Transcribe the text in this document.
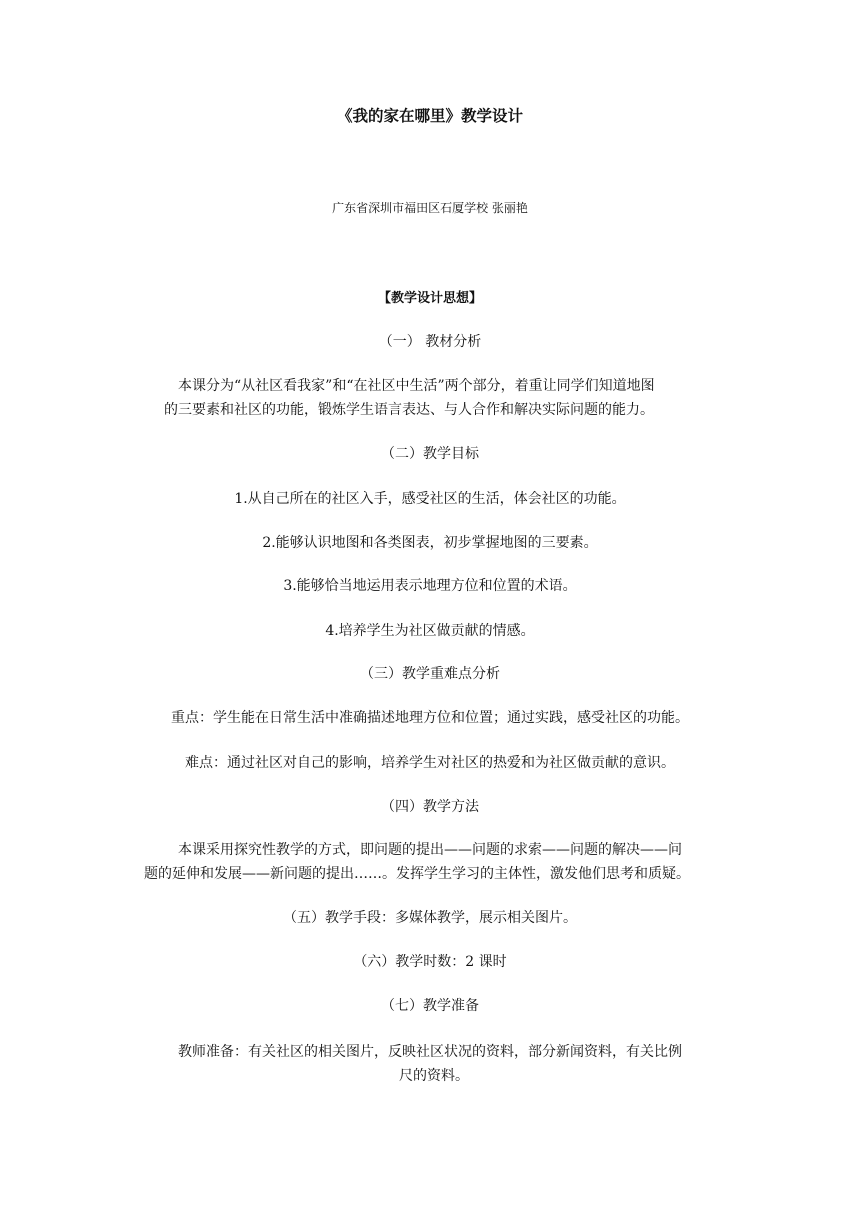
《我的家在哪里》教学设计
广东省深圳市福田区石厦学校 张丽艳
【教学设计思想】
（一） 教材分析
本课分为“从社区看我家”和“在社区中生活”两个部分，着重让同学们知道地图
的三要素和社区的功能，锻炼学生语言表达、与人合作和解决实际问题的能力。
（二）教学目标
1.从自己所在的社区入手，感受社区的生活，体会社区的功能。
2.能够认识地图和各类图表，初步掌握地图的三要素。
3.能够恰当地运用表示地理方位和位置的术语。
4.培养学生为社区做贡献的情感。
（三）教学重难点分析
重点：学生能在日常生活中准确描述地理方位和位置；通过实践，感受社区的功能。
难点：通过社区对自己的影响，培养学生对社区的热爱和为社区做贡献的意识。
（四）教学方法
本课采用探究性教学的方式，即问题的提出——问题的求索——问题的解决——问
题的延伸和发展——新问题的提出……。发挥学生学习的主体性，激发他们思考和质疑。
（五）教学手段：多媒体教学，展示相关图片。
（六）教学时数：2 课时
（七）教学准备
教师准备：有关社区的相关图片，反映社区状况的资料，部分新闻资料，有关比例
尺的资料。
